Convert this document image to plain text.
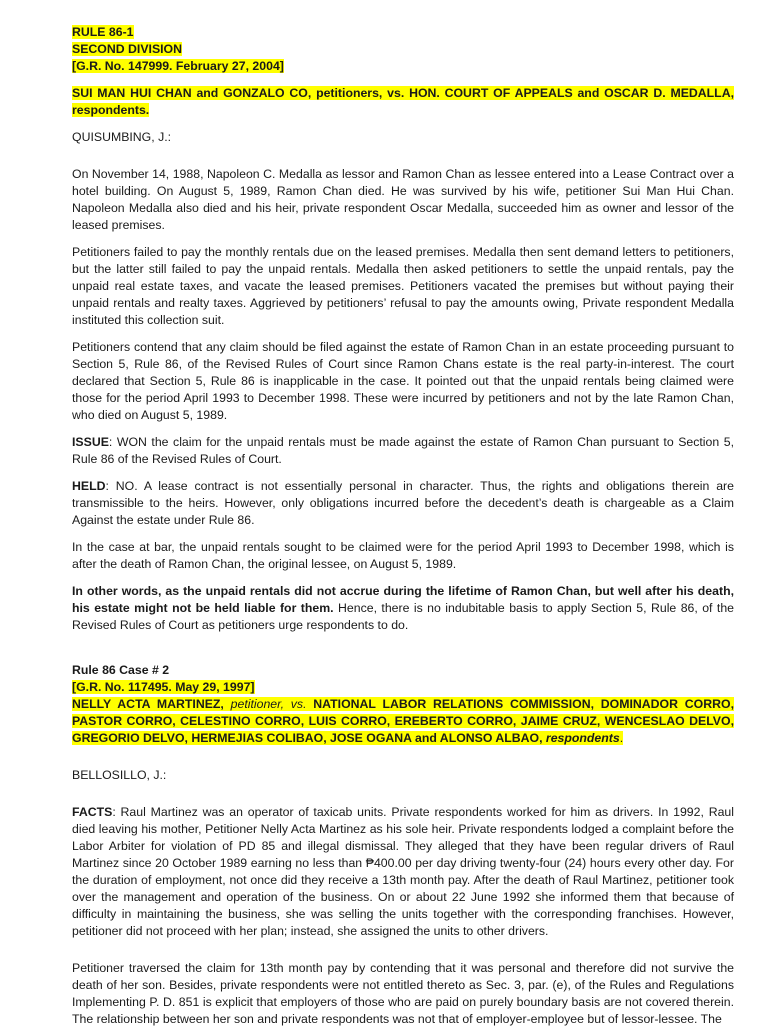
RULE 86-1

SECOND DIVISION

[G.R. No. 147999. February 27, 2004]

SUI MAN HUI CHAN and GONZALO CO, petitioners, vs. HON. COURT OF APPEALS and OSCAR D. MEDALLA, respondents.

QUISUMBING, J.:

On November 14, 1988, Napoleon C. Medalla as lessor and Ramon Chan as lessee entered into a Lease Contract over a hotel building. On August 5, 1989, Ramon Chan died. He was survived by his wife, petitioner Sui Man Hui Chan. Napoleon Medalla also died and his heir, private respondent Oscar Medalla, succeeded him as owner and lessor of the leased premises.

Petitioners failed to pay the monthly rentals due on the leased premises. Medalla then sent demand letters to petitioners, but the latter still failed to pay the unpaid rentals. Medalla then asked petitioners to settle the unpaid rentals, pay the unpaid real estate taxes, and vacate the leased premises. Petitioners vacated the premises but without paying their unpaid rentals and realty taxes. Aggrieved by petitioners’ refusal to pay the amounts owing, Private respondent Medalla instituted this collection suit.

Petitioners contend that any claim should be filed against the estate of Ramon Chan in an estate proceeding pursuant to Section 5, Rule 86, of the Revised Rules of Court since Ramon Chans estate is the real party-in-interest. The court declared that Section 5, Rule 86 is inapplicable in the case. It pointed out that the unpaid rentals being claimed were those for the period April 1993 to December 1998. These were incurred by petitioners and not by the late Ramon Chan, who died on August 5, 1989.

ISSUE: WON the claim for the unpaid rentals must be made against the estate of Ramon Chan pursuant to Section 5, Rule 86 of the Revised Rules of Court.

HELD: NO. A lease contract is not essentially personal in character. Thus, the rights and obligations therein are transmissible to the heirs. However, only obligations incurred before the decedent’s death is chargeable as a Claim Against the estate under Rule 86.

In the case at bar, the unpaid rentals sought to be claimed were for the period April 1993 to December 1998, which is after the death of Ramon Chan, the original lessee, on August 5, 1989.

In other words, as the unpaid rentals did not accrue during the lifetime of Ramon Chan, but well after his death, his estate might not be held liable for them. Hence, there is no indubitable basis to apply Section 5, Rule 86, of the Revised Rules of Court as petitioners urge respondents to do.

Rule 86 Case # 2

[G.R. No. 117495. May 29, 1997]

NELLY ACTA MARTINEZ, petitioner, vs. NATIONAL LABOR RELATIONS COMMISSION, DOMINADOR CORRO, PASTOR CORRO, CELESTINO CORRO, LUIS CORRO, EREBERTO CORRO, JAIME CRUZ, WENCESLAO DELVO, GREGORIO DELVO, HERMEJIAS COLIBAO, JOSE OGANA and ALONSO ALBAO, respondents.

BELLOSILLO, J.:

FACTS: Raul Martinez was an operator of taxicab units. Private respondents worked for him as drivers. In 1992, Raul died leaving his mother, Petitioner Nelly Acta Martinez as his sole heir. Private respondents lodged a complaint before the Labor Arbiter for violation of PD 85 and illegal dismissal. They alleged that they have been regular drivers of Raul Martinez since 20 October 1989 earning no less than ₱400.00 per day driving twenty-four (24) hours every other day. For the duration of employment, not once did they receive a 13th month pay. After the death of Raul Martinez, petitioner took over the management and operation of the business. On or about 22 June 1992 she informed them that because of difficulty in maintaining the business, she was selling the units together with the corresponding franchises. However, petitioner did not proceed with her plan; instead, she assigned the units to other drivers.

Petitioner traversed the claim for 13th month pay by contending that it was personal and therefore did not survive the death of her son. Besides, private respondents were not entitled thereto as Sec. 3, par. (e), of the Rules and Regulations Implementing P. D. 851 is explicit that employers of those who are paid on purely boundary basis are not covered therein. The relationship between her son and private respondents was not that of employer-employee but of lessor-lessee. The
